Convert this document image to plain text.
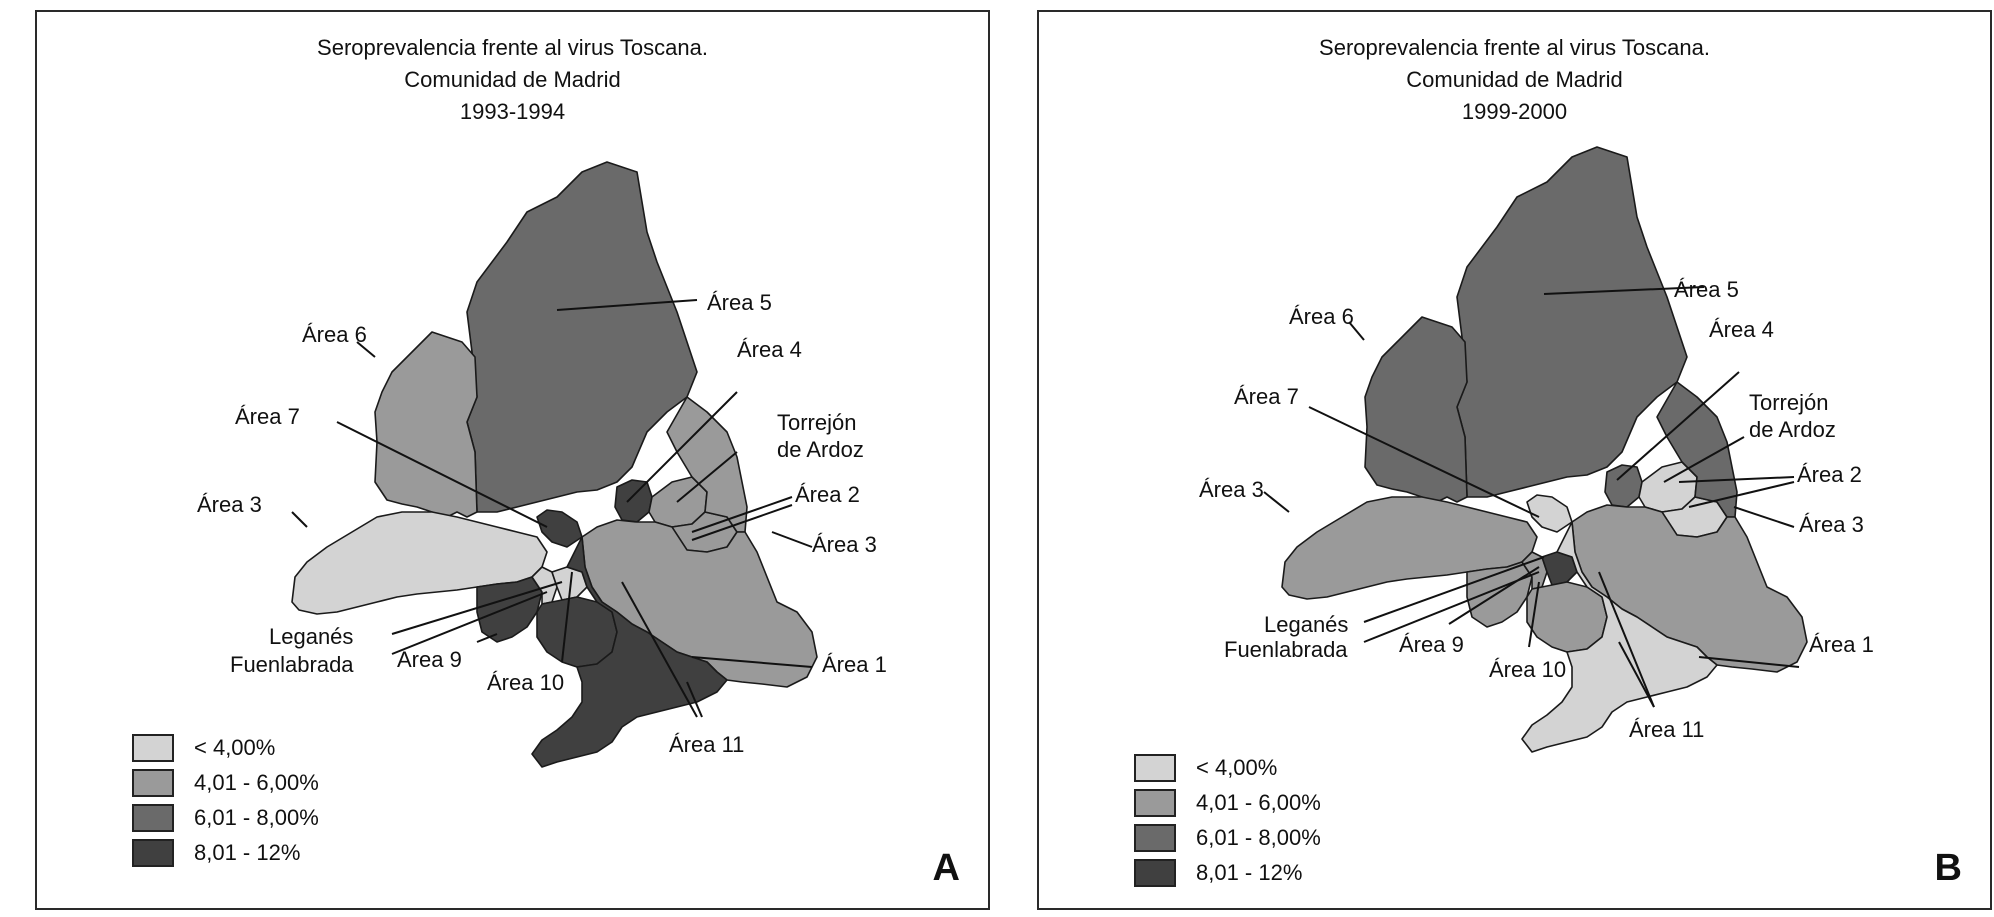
Seroprevalencia frente al virus Toscana.
Comunidad de Madrid
1993-1994
Área 5
Área 6
Área 4
Área 7	Torrejón
de Ardoz
Área 2
Área 3
Área 3
Leganés
Fuenlabrada Área 9
Área 10
Área 1
Área 11
< 4,00%
4,01 - 6,00%
6,01 - 8,00%
8,01 - 12%	A
Seroprevalencia frente al virus Toscana.
Comunidad de Madrid
1999-2000
Área 5
Área 6
Área 4
Área 7	Torrejón
de Ardoz
Área 2
Área 3
Área 3
Leganés
Fuenlabrada Área 9
Área 10
Área 1
Área 11
< 4,00%
4,01 - 6,00%
6,01 - 8,00%
8,01 - 12%	B
